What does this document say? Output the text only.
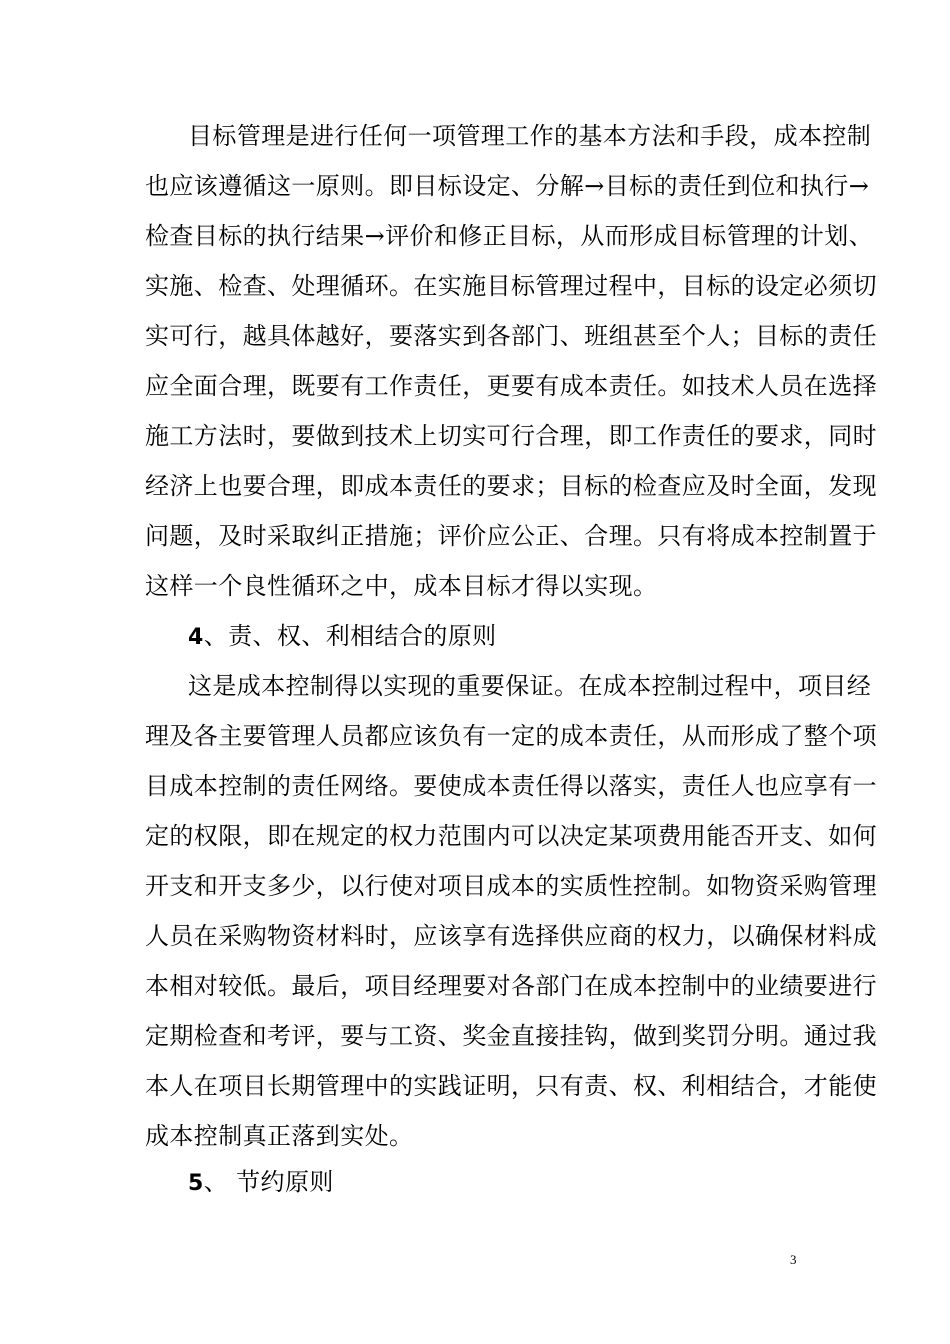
目标管理是进行任何一项管理工作的基本方法和手段，成本控制
也应该遵循这一原则。即目标设定、分解→目标的责任到位和执行→
检查目标的执行结果→评价和修正目标，从而形成目标管理的计划、
实施、检查、处理循环。在实施目标管理过程中，目标的设定必须切
实可行，越具体越好，要落实到各部门、班组甚至个人；目标的责任
应全面合理，既要有工作责任，更要有成本责任。如技术人员在选择
施工方法时，要做到技术上切实可行合理，即工作责任的要求，同时
经济上也要合理，即成本责任的要求；目标的检查应及时全面，发现
问题，及时采取纠正措施；评价应公正、合理。只有将成本控制置于
这样一个良性循环之中，成本目标才得以实现。
4、责、权、利相结合的原则
这是成本控制得以实现的重要保证。在成本控制过程中，项目经
理及各主要管理人员都应该负有一定的成本责任，从而形成了整个项
目成本控制的责任网络。要使成本责任得以落实，责任人也应享有一
定的权限，即在规定的权力范围内可以决定某项费用能否开支、如何
开支和开支多少，以行使对项目成本的实质性控制。如物资采购管理
人员在采购物资材料时，应该享有选择供应商的权力，以确保材料成
本相对较低。最后，项目经理要对各部门在成本控制中的业绩要进行
定期检查和考评，要与工资、奖金直接挂钩，做到奖罚分明。通过我
本人在项目长期管理中的实践证明，只有责、权、利相结合，才能使
成本控制真正落到实处。
5、 节约原则
3
